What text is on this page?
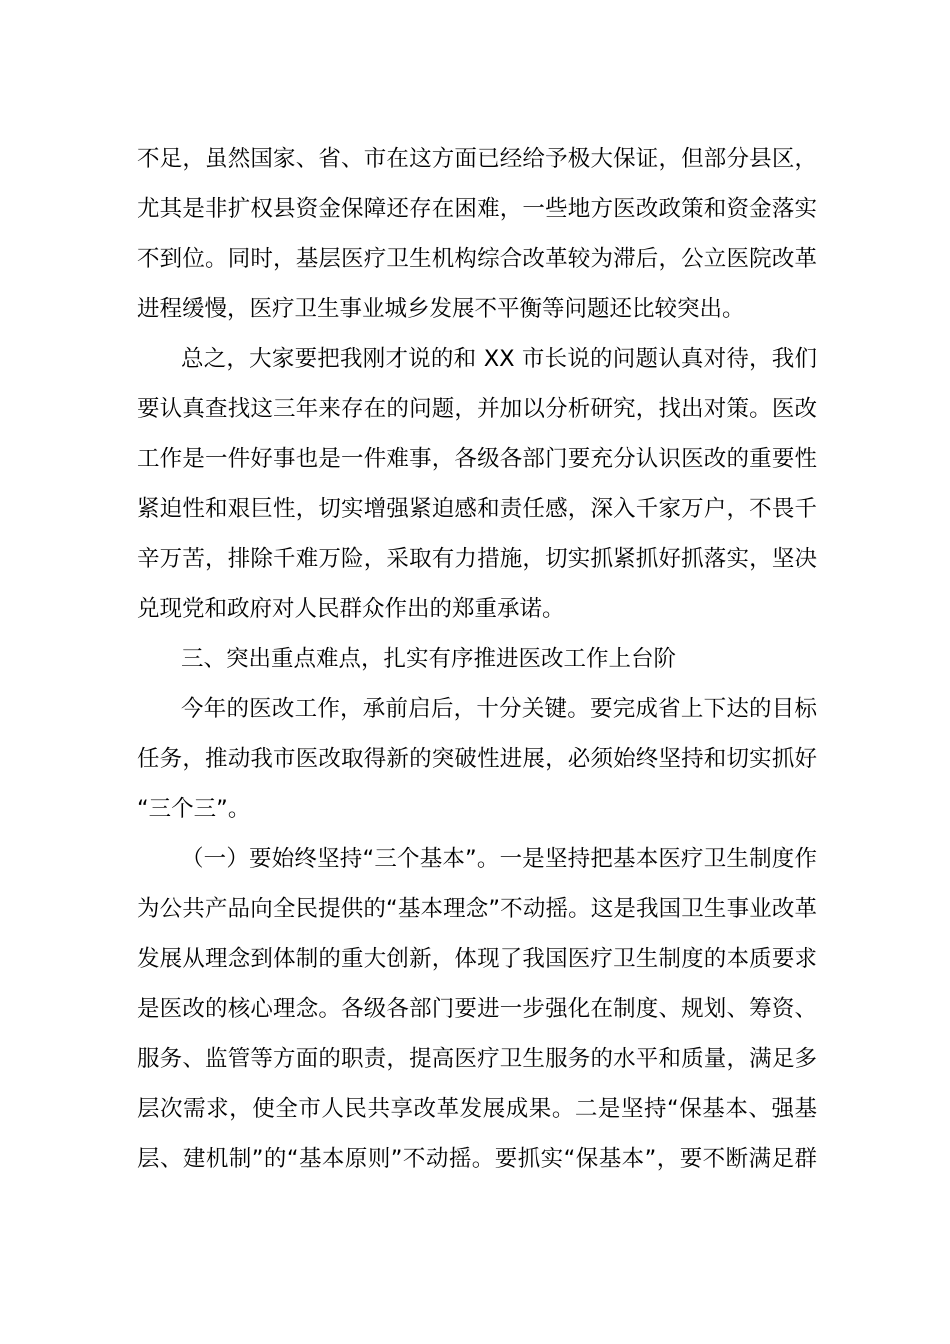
不足，虽然国家、省、市在这方面已经给予极大保证，但部分县区，
尤其是非扩权县资金保障还存在困难，一些地方医改政策和资金落实
不到位。同时，基层医疗卫生机构综合改革较为滞后，公立医院改革
进程缓慢，医疗卫生事业城乡发展不平衡等问题还比较突出。
总之，大家要把我刚才说的和 XX 市长说的问题认真对待，我们
要认真查找这三年来存在的问题，并加以分析研究，找出对策。医改
工作是一件好事也是一件难事，各级各部门要充分认识医改的重要性
紧迫性和艰巨性，切实增强紧迫感和责任感，深入千家万户，不畏千
辛万苦，排除千难万险，采取有力措施，切实抓紧抓好抓落实，坚决
兑现党和政府对人民群众作出的郑重承诺。
三、突出重点难点，扎实有序推进医改工作上台阶
今年的医改工作，承前启后，十分关键。要完成省上下达的目标
任务，推动我市医改取得新的突破性进展，必须始终坚持和切实抓好
“三个三”。
（一）要始终坚持“三个基本”。一是坚持把基本医疗卫生制度作
为公共产品向全民提供的“基本理念”不动摇。这是我国卫生事业改革
发展从理念到体制的重大创新，体现了我国医疗卫生制度的本质要求
是医改的核心理念。各级各部门要进一步强化在制度、规划、筹资、
服务、监管等方面的职责，提高医疗卫生服务的水平和质量，满足多
层次需求，使全市人民共享改革发展成果。二是坚持“保基本、强基
层、建机制”的“基本原则”不动摇。要抓实“保基本”，要不断满足群
